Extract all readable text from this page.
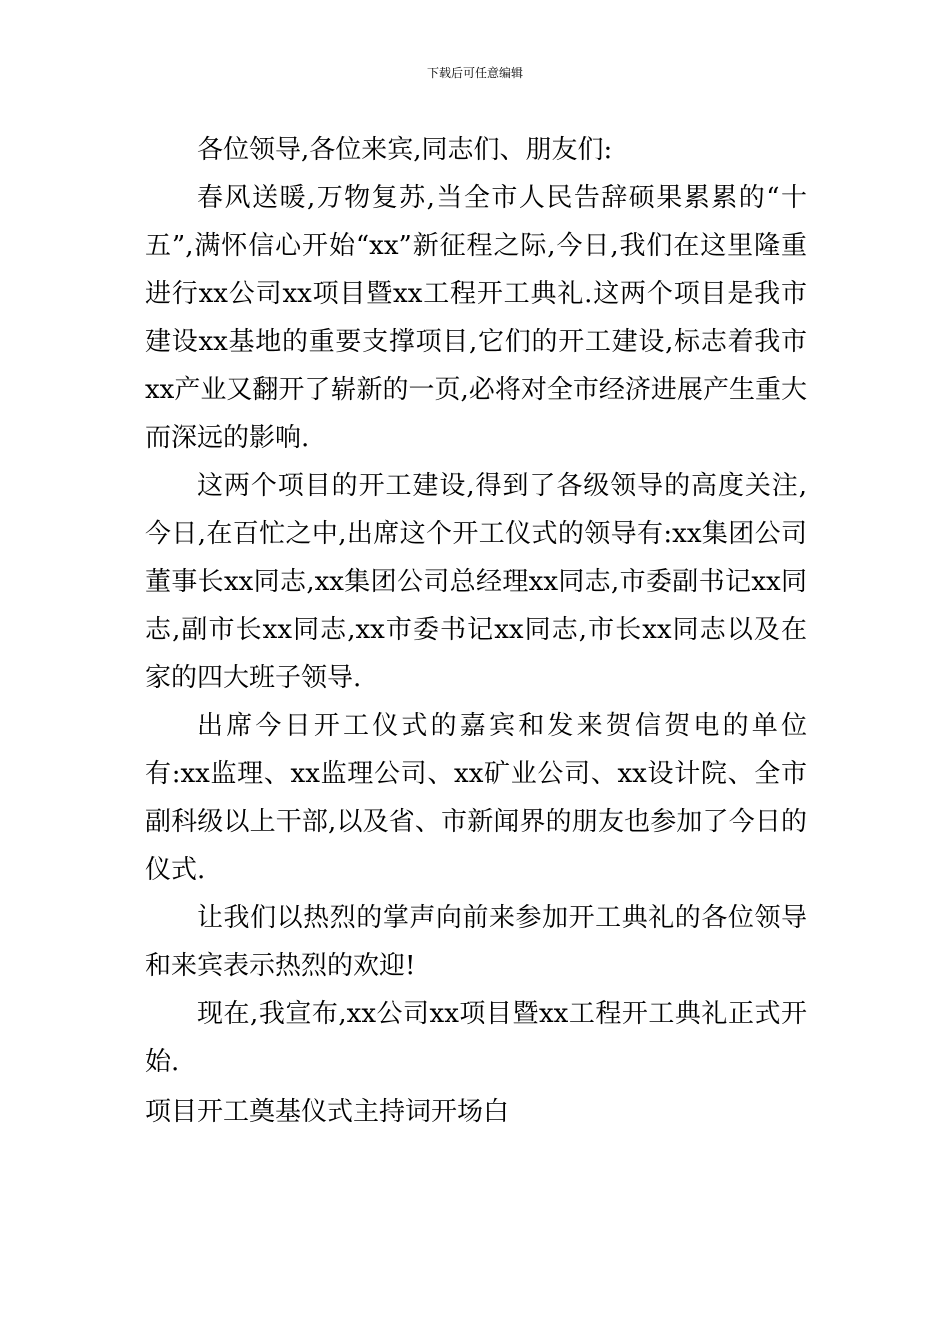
下载后可任意编辑

各位领导,各位来宾,同志们、朋友们:

春风送暖,万物复苏,当全市人民告辞硕果累累的“十五”,满怀信心开始“xx”新征程之际,今日,我们在这里隆重进行xx公司xx项目暨xx工程开工典礼.这两个项目是我市建设xx基地的重要支撑项目,它们的开工建设,标志着我市xx产业又翻开了崭新的一页,必将对全市经济进展产生重大而深远的影响.

这两个项目的开工建设,得到了各级领导的高度关注,今日,在百忙之中,出席这个开工仪式的领导有:xx集团公司董事长xx同志,xx集团公司总经理xx同志,市委副书记xx同志,副市长xx同志,xx市委书记xx同志,市长xx同志以及在家的四大班子领导.

出席今日开工仪式的嘉宾和发来贺信贺电的单位有:xx监理、xx监理公司、xx矿业公司、xx设计院、全市副科级以上干部,以及省、市新闻界的朋友也参加了今日的仪式.

让我们以热烈的掌声向前来参加开工典礼的各位领导和来宾表示热烈的欢迎!

现在,我宣布,xx公司xx项目暨xx工程开工典礼正式开始.

项目开工奠基仪式主持词开场白
